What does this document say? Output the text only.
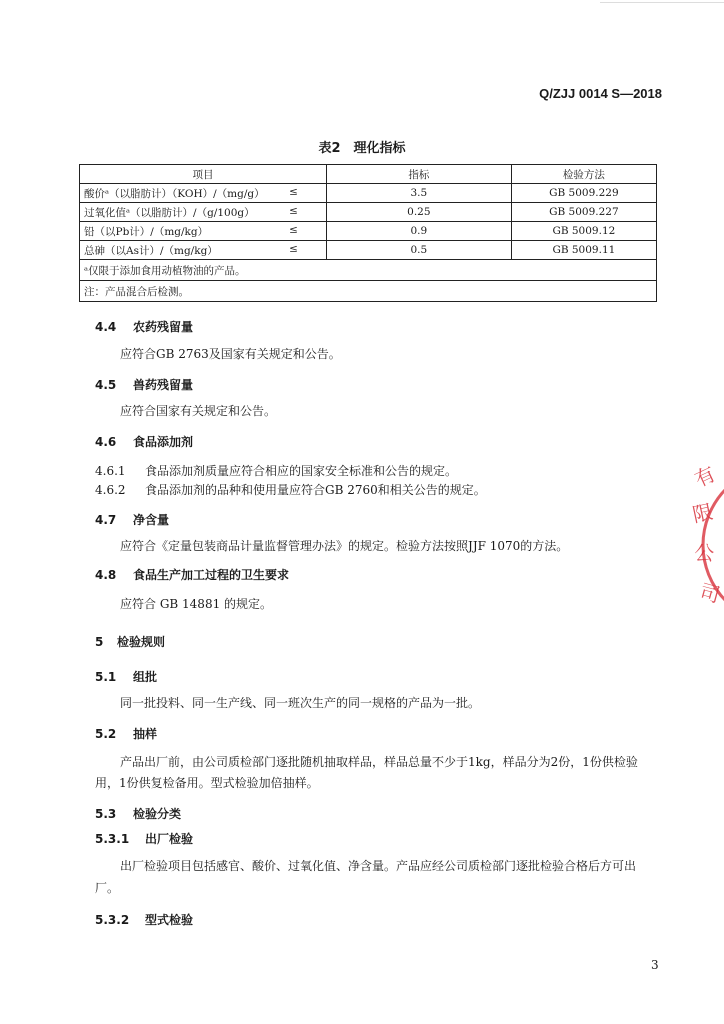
Q/ZJJ 0014 S—2018
表2　理化指标
项目	指标	检验方法
酸价ᵃ（以脂肪计）（KOH）/（mg/g） ≤	3.5	GB 5009.229
过氧化值ᵃ（以脂肪计）/（g/100g） ≤	0.25	GB 5009.227
铅（以Pb计）/（mg/kg） ≤	0.9	GB 5009.12
总砷（以As计）/（mg/kg） ≤	0.5	GB 5009.11
ᵃ仅限于添加食用动植物油的产品。		
注：产品混合后检测。		
4.4 农药残留量
应符合GB 2763及国家有关规定和公告。
4.5 兽药残留量
应符合国家有关规定和公告。
4.6 食品添加剂
4.6.1 食品添加剂质量应符合相应的国家安全标准和公告的规定。
4.6.2 食品添加剂的品种和使用量应符合GB 2760和相关公告的规定。
4.7 净含量
应符合《定量包装商品计量监督管理办法》的规定。检验方法按照JJF 1070的方法。
4.8 食品生产加工过程的卫生要求
应符合 GB 14881 的规定。
5 检验规则
5.1 组批
同一批投料、同一生产线、同一班次生产的同一规格的产品为一批。
5.2 抽样
产品出厂前，由公司质检部门逐批随机抽取样品，样品总量不少于1kg，样品分为2份，1份供检验
用，1份供复检备用。型式检验加倍抽样。
5.3 检验分类
5.3.1 出厂检验
出厂检验项目包括感官、酸价、过氧化值、净含量。产品应经公司质检部门逐批检验合格后方可出
厂。
5.3.2 型式检验
有
限
公
司
3
